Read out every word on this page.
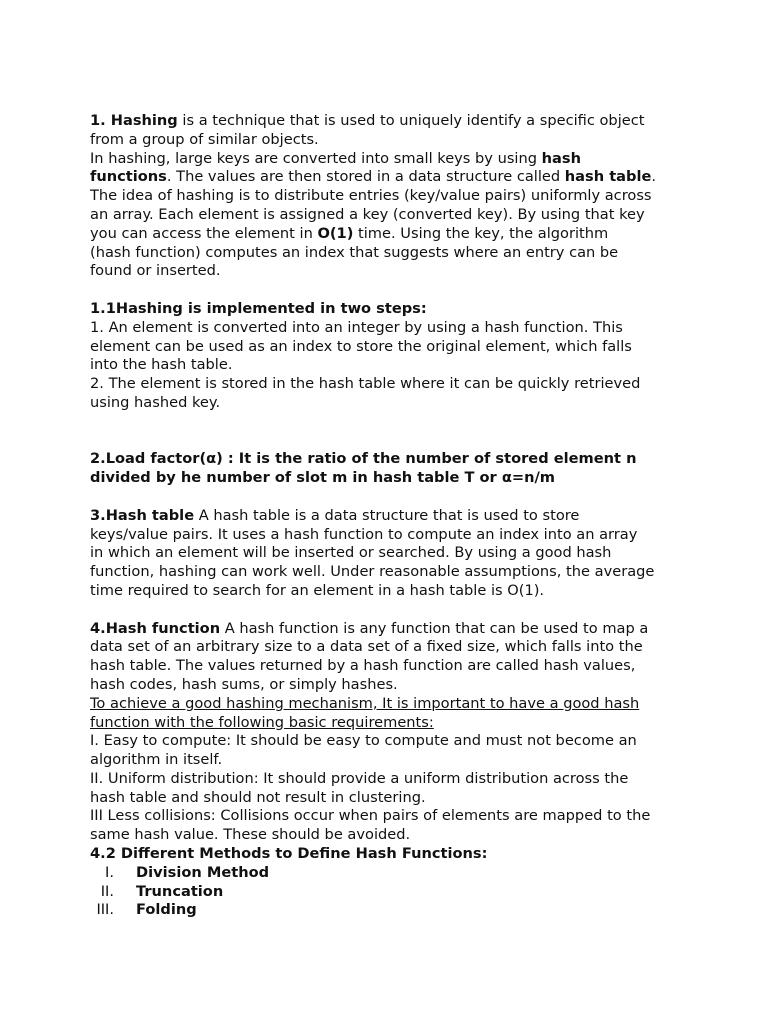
1. Hashing is a technique that is used to uniquely identify a specific object

from a group of similar objects.

In hashing, large keys are converted into small keys by using hash

functions. The values are then stored in a data structure called hash table.

The idea of hashing is to distribute entries (key/value pairs) uniformly across

an array. Each element is assigned a key (converted key). By using that key

you can access the element in O(1) time. Using the key, the algorithm

(hash function) computes an index that suggests where an entry can be

found or inserted.

1.1Hashing is implemented in two steps:

1. An element is converted into an integer by using a hash function. This

element can be used as an index to store the original element, which falls

into the hash table.

2. The element is stored in the hash table where it can be quickly retrieved

using hashed key.

2.Load factor(α) : It is the ratio of the number of stored element n

divided by he number of slot m in hash table T or α=n/m

3.Hash table A hash table is a data structure that is used to store

keys/value pairs. It uses a hash function to compute an index into an array

in which an element will be inserted or searched. By using a good hash

function, hashing can work well. Under reasonable assumptions, the average

time required to search for an element in a hash table is O(1).

4.Hash function A hash function is any function that can be used to map a

data set of an arbitrary size to a data set of a fixed size, which falls into the

hash table. The values returned by a hash function are called hash values,

hash codes, hash sums, or simply hashes.

To achieve a good hashing mechanism, It is important to have a good hash

function with the following basic requirements:

I. Easy to compute: It should be easy to compute and must not become an

algorithm in itself.

II. Uniform distribution: It should provide a uniform distribution across the

hash table and should not result in clustering.

III Less collisions: Collisions occur when pairs of elements are mapped to the

same hash value. These should be avoided.

4.2 Different Methods to Define Hash Functions:

I. Division Method
II. Truncation
III. Folding
